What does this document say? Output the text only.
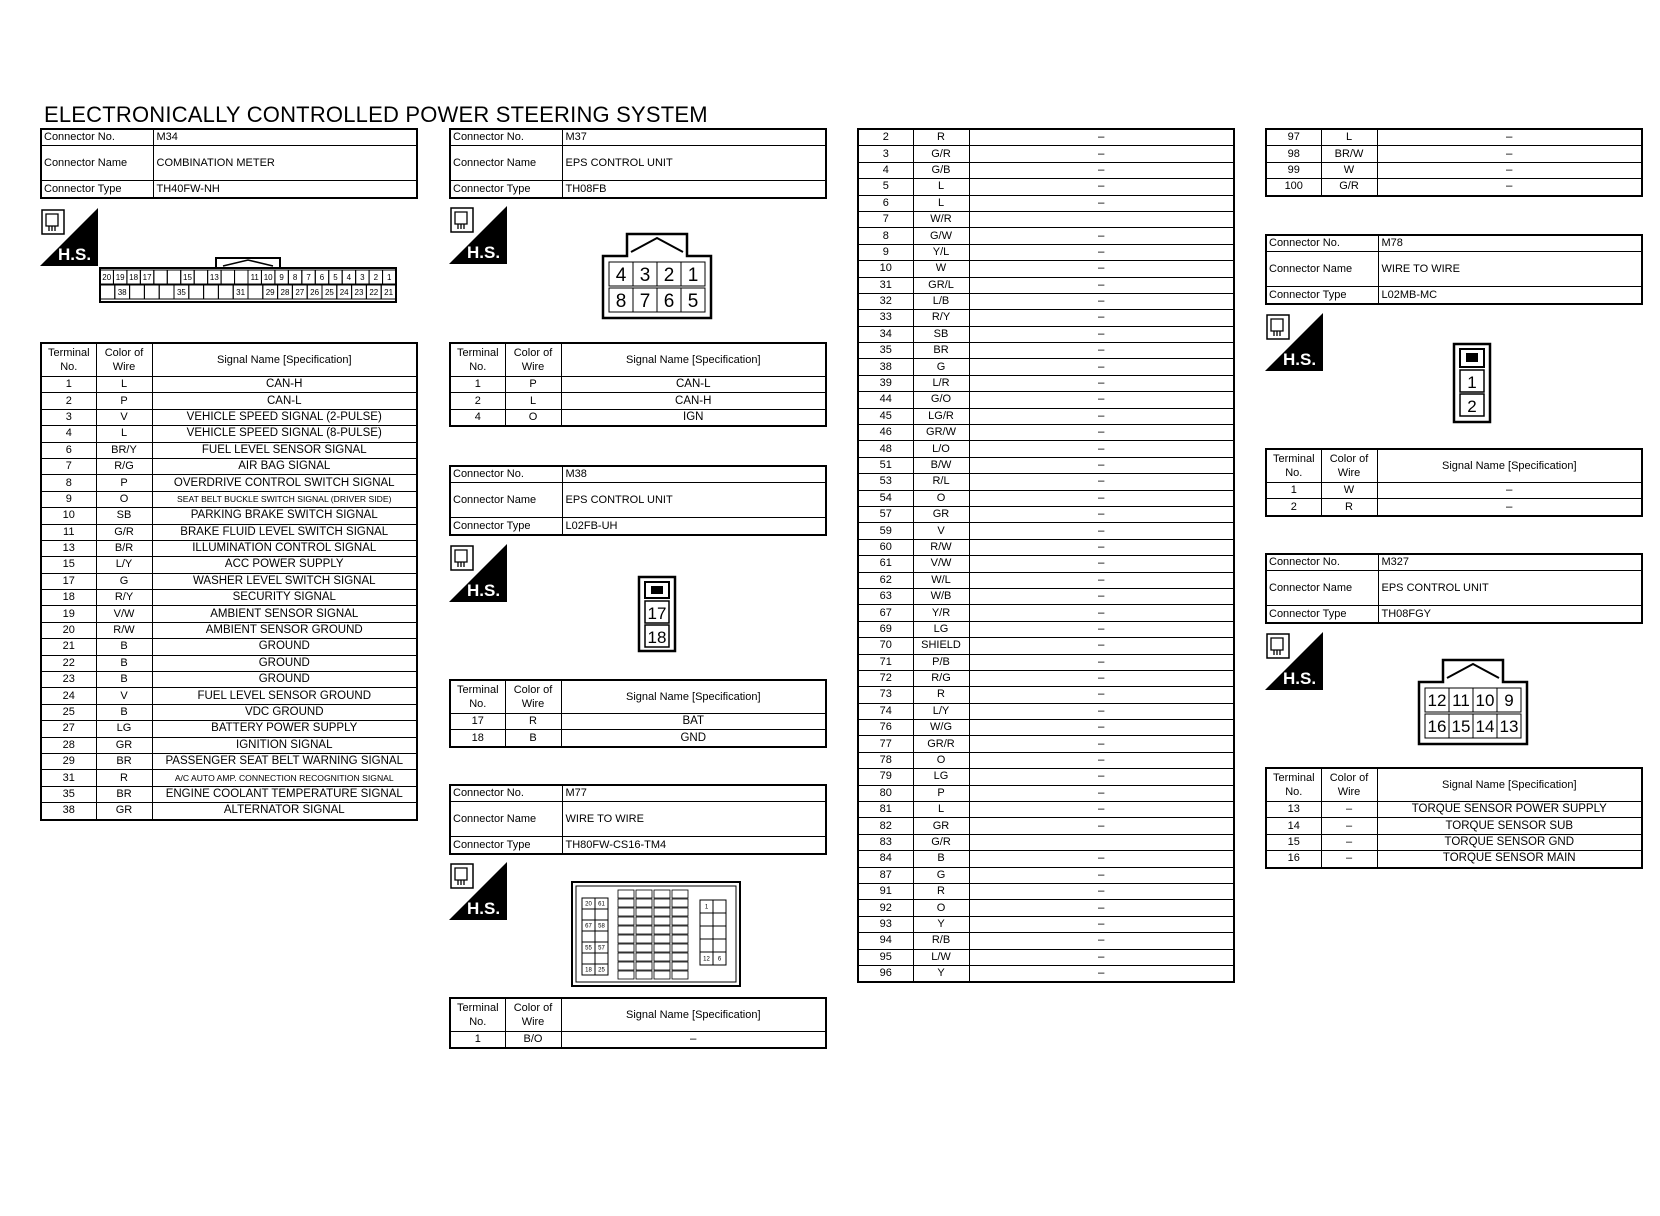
ELECTRONICALLY CONTROLLED POWER STEERING SYSTEM
Connector No.	M34
Connector Name	COMBINATION METER
Connector Type	TH40FW-NH
H.S.
20 19 18 17	15 13	11 10 9 8 7 6 5 4 3 2 1
38	35	31	29 28 27 26 25 24 23 22 21
Terminal No.	Color of Wire	Signal Name [Specification]
1	L	CAN-H
2	P	CAN-L
3	V	VEHICLE SPEED SIGNAL (2-PULSE)
4	L	VEHICLE SPEED SIGNAL (8-PULSE)
6	BR/Y	FUEL LEVEL SENSOR SIGNAL
7	R/G	AIR BAG SIGNAL
8	P	OVERDRIVE CONTROL SWITCH SIGNAL
9	O	SEAT BELT BUCKLE SWITCH SIGNAL (DRIVER SIDE)
10	SB	PARKING BRAKE SWITCH SIGNAL
11	G/R	BRAKE FLUID LEVEL SWITCH SIGNAL
13	B/R	ILLUMINATION CONTROL SIGNAL
15	L/Y	ACC POWER SUPPLY
17	G	WASHER LEVEL SWITCH SIGNAL
18	R/Y	SECURITY SIGNAL
19	V/W	AMBIENT SENSOR SIGNAL
20	R/W	AMBIENT SENSOR GROUND
21	B	GROUND
22	B	GROUND
23	B	GROUND
24	V	FUEL LEVEL SENSOR GROUND
25	B	VDC GROUND
27	LG	BATTERY POWER SUPPLY
28	GR	IGNITION SIGNAL
29	BR	PASSENGER SEAT BELT WARNING SIGNAL
31	R	A/C AUTO AMP. CONNECTION RECOGNITION SIGNAL
35	BR	ENGINE COOLANT TEMPERATURE SIGNAL
38	GR	ALTERNATOR SIGNAL
Connector No.	M37
Connector Name	EPS CONTROL UNIT
Connector Type	TH08FB
H.S.
4 3 2 1
8 7 6 5
Terminal No.	Color of Wire	Signal Name [Specification]
1	P	CAN-L
2	L	CAN-H
4	O	IGN
Connector No.	M38
Connector Name	EPS CONTROL UNIT
Connector Type	L02FB-UH
H.S.
17
18
Terminal No.	Color of Wire	Signal Name [Specification]
17	R	BAT
18	B	GND
Connector No.	M77
Connector Name	WIRE TO WIRE
Connector Type	TH80FW-CS16-TM4
H.S.	20 61
67 58
55 57
18 25
1
12 6
Terminal No.	Color of Wire	Signal Name [Specification]
1	B/O	–
2	R	–
3	G/R	–
4	G/B	–
5	L	–
6	L	–
7	W/R	
8	G/W	–
9	Y/L	–
10	W	–
31	GR/L	–
32	L/B	–
33	R/Y	–
34	SB	–
35	BR	–
38	G	–
39	L/R	–
44	G/O	–
45	LG/R	–
46	GR/W	–
48	L/O	–
51	B/W	–
53	R/L	–
54	O	–
57	GR	–
59	V	–
60	R/W	–
61	V/W	–
62	W/L	–
63	W/B	–
67	Y/R	–
69	LG	–
70	SHIELD	–
71	P/B	–
72	R/G	–
73	R	–
74	L/Y	–
76	W/G	–
77	GR/R	–
78	O	–
79	LG	–
80	P	–
81	L	–
82	GR	–
83	G/R	
84	B	–
87	G	–
91	R	–
92	O	–
93	Y	–
94	R/B	–
95	L/W	–
96	Y	–
97	L	–
98	BR/W	–
99	W	–
100	G/R	–
Connector No.	M78
Connector Name	WIRE TO WIRE
Connector Type	L02MB-MC
H.S.
1
2
Terminal No.	Color of Wire	Signal Name [Specification]
1	W	–
2	R	–
Connector No.	M327
Connector Name	EPS CONTROL UNIT
Connector Type	TH08FGY
H.S.
12 11 10 9
16 15 14 13
Terminal No.	Color of Wire	Signal Name [Specification]
13	–	TORQUE SENSOR POWER SUPPLY
14	–	TORQUE SENSOR SUB
15	–	TORQUE SENSOR GND
16	–	TORQUE SENSOR MAIN
